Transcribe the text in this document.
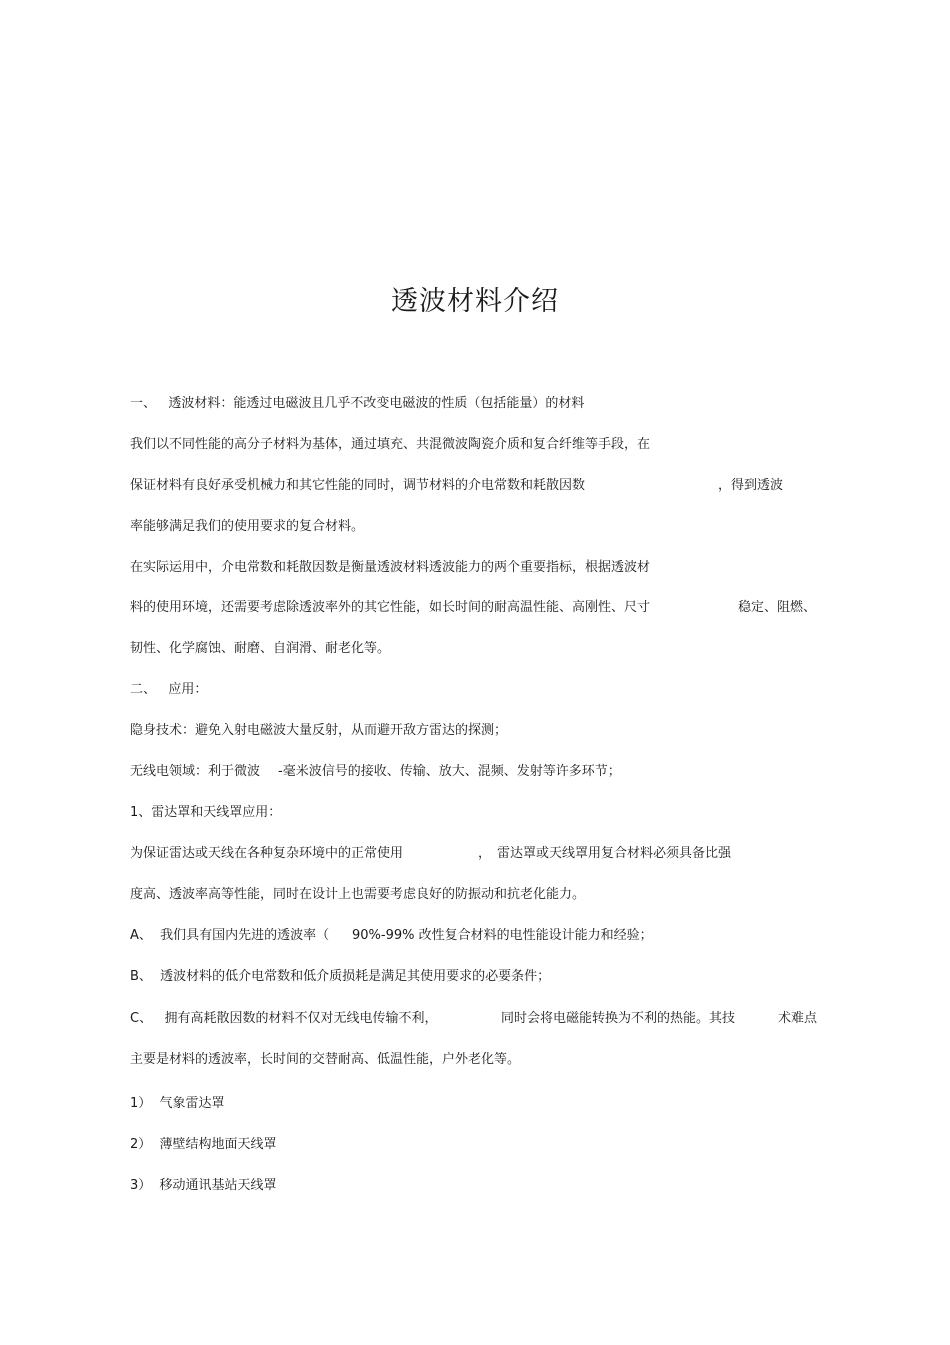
透波材料介绍
一、   透波材料：能透过电磁波且几乎不改变电磁波的性质（包括能量）的材料
我们以不同性能的高分子材料为基体，通过填充、共混微波陶瓷介质和复合纤维等手段，在
保证材料有良好承受机械力和其它性能的同时，调节材料的介电常数和耗散因数	，得到透波
率能够满足我们的使用要求的复合材料。
在实际运用中，介电常数和耗散因数是衡量透波材料透波能力的两个重要指标，根据透波材
料的使用环境，还需要考虑除透波率外的其它性能，如长时间的耐高温性能、高刚性、尺寸	稳定、阻燃、
韧性、化学腐蚀、耐磨、自润滑、耐老化等。
二、   应用：
隐身技术：避免入射电磁波大量反射，从而避开敌方雷达的探测；
无线电领域：利于微波 -毫米波信号的接收、传输、放大、混频、发射等许多环节；
1、雷达罩和天线罩应用：
为保证雷达或天线在各种复杂环境中的正常使用	， 雷达罩或天线罩用复合材料必须具备比强
度高、透波率高等性能，同时在设计上也需要考虑良好的防振动和抗老化能力。
A、  我们具有国内先进的透波率（ 90%-99% 改性复合材料的电性能设计能力和经验；
B、  透波材料的低介电常数和低介质损耗是满足其使用要求的必要条件；
C、   拥有高耗散因数的材料不仅对无线电传输不利，	同时会将电磁能转换为不利的热能。其技	术难点
主要是材料的透波率，长时间的交替耐高、低温性能，户外老化等。
1）  气象雷达罩
2）  薄壁结构地面天线罩
3）  移动通讯基站天线罩
